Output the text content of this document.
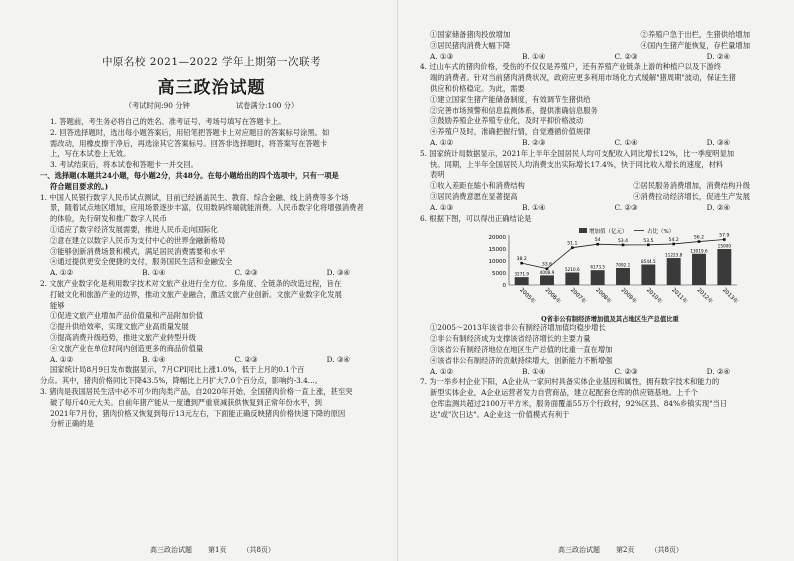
中原名校 2021—2022 学年上期第一次联考
高三政治试题
（考试时间:90 分钟	试卷满分:100 分）
1. 答题前，考生务必将自己的姓名、准考证号、考场号填写在答题卡上。
2. 回答选择题时，选出每小题答案后，用铅笔把答题卡上对应题目的答案标号涂黑。如
需改动，用橡皮擦干净后，再选涂其它答案标号。回答非选择题时，将答案写在答题卡
上，写在本试卷上无效。
3. 考试结束后，将本试卷和答题卡一并交回。
一、选择题(本题共24小题，每小题2分，共48分。在每小题给出的四个选项中，只有一项是
符合题目要求的。)
1. 中国人民银行数字人民币试点测试，目前已经涵盖民生、教育、综合金融、线上消费等多个场
景，随着试点地区增加，应用场景逐步丰富，仅用数码终端就能消费。人民币数字化将增强消费者
的体验，先行研发和推广数字人民币
①适应了数字经济发展需要，推进人民币走向国际化
②意在建立以数字人民币为支付中心的世界金融新格局
③能够创新消费场景和模式，满足居民消费需要和水平
④通过提供更安全便捷的支付，服务国民生活和金融安全
A. ①②	B. ①④	C. ②③	D. ③④
2. 文旅产业数字化是利用数字技术对文旅产业进行全方位、多角度、全链条的改造过程，旨在
打破文化和旅游产业的边界，推动文旅产业融合，激活文旅产业创新。文旅产业数字化发展
能够
①促进文旅产业增加产品价值量和产品附加价值
②提升供给效率，实现文旅产业高质量发展
③提高消费升级趋势，推进文旅产业转型升级
④文旅产业在单位时间内创造更多的商品价值量
A. ①②	B. ①④	C. ②③	D. ③④
国家统计局8月9日发布数据显示，7月CPI同比上涨1.0%，低于上月的0.1个百
分点。其中，猪肉价格同比下降43.5%，降幅比上月扩大7.0个百分点，影响约-3.4...。
3. 猪肉是我国居民生活中必不可少的肉类产品，自2020年开始，全国猪肉价格一直上涨，甚至突
破了每斤40元大关。自前年猪产能从一度遭到严重衰减获供恢复到正常年份水平，到
2021年7月份，猪肉价格又恢复到每斤13元左右，下面能正确反映猪肉价格快速下降的原因
分析正确的是
高三政治试题 第1页 （共8页）
①国家储备猪肉投放增加	②养殖户急于出栏，生猪供给增加
③居民猪肉消费大幅下降	④国内生猪产能恢复，存栏量增加
A. ①③	B. ①④	C. ②③	D. ②④
4. 过山车式的猪肉价格，受伤的不仅仅是养殖户，还有养殖产业链条上游的种植户以及下游终
端的消费者。针对当前猪肉消费状况，政府应更多利用市场化方式缓解"猪周期"波动，保证生猪
供应和价格稳定。为此，需要
①建立国家生猪产能储备制度，有效调节生猪供给
②完善市场预警和信息监测体系，提供准确信息服务
③鼓励养殖企业养殖专业化，及时平抑价格波动
④养殖户及时，准确把握行情，自觉遵循价值规律
A. ①②	B. ②③	C. ①④	D. ③④
5. 国家统计局数据显示，2021年上半年全国居民人均可支配收入同比增长12%，比一季度明显加
快。同期，上半年全国居民人均消费支出实际增长17.4%，快于同比收入增长的速度，材料
表明
①收入差距在缩小和消费结构	②居民服务消费增加，消费结构升级
③居民消费意愿在显著提高	④消费拉动经济增长，促进生产发展
A. ①③	B. ①④	C. ②③	D. ②④
6. 根据下图，可以得出正确结论是
20000
15000
10000
5000
0
增加值（亿元）	占比（%）
3271.9
2005年
4008.9
2006年
5210.6
2007年
6173.5
2008年
7092.1
2009年
8544.5
2010年
11223.8
2011年
13019.6
2012年
15000
2013年
38.2
33.6
51.1
54	53.4	53.5	54.2	56.2	57.9
Q省非公有制经济增加值及其占地区生产总值比重
①2005～2013年该省非公有制经济增加值均稳步增长
②非公有制经济成为支撑该省经济增长的主要力量
③该省公有制经济地位在地区生产总值的比重一直在增加
④该省非公有制经济的贡献持续增大，创新能力不断增强
A. ①②	B. ①④	C. ②③	D. ②④
7. 为一举乡村企业下阳，A企业从一家问村具备实体企业基因和属性，拥有数字技术和能力的
新型实体企业，A企业运营者发力自营商品，建立起配套仓库的供应链基地。上千个
仓库监测共超过2100万平方米，服务面覆盖55万个行政村，92%区县、84%乡镇实现"当日
达"或"次日达"。A企业这一价值模式有利于
高三政治试题 第2页 （共8页）
